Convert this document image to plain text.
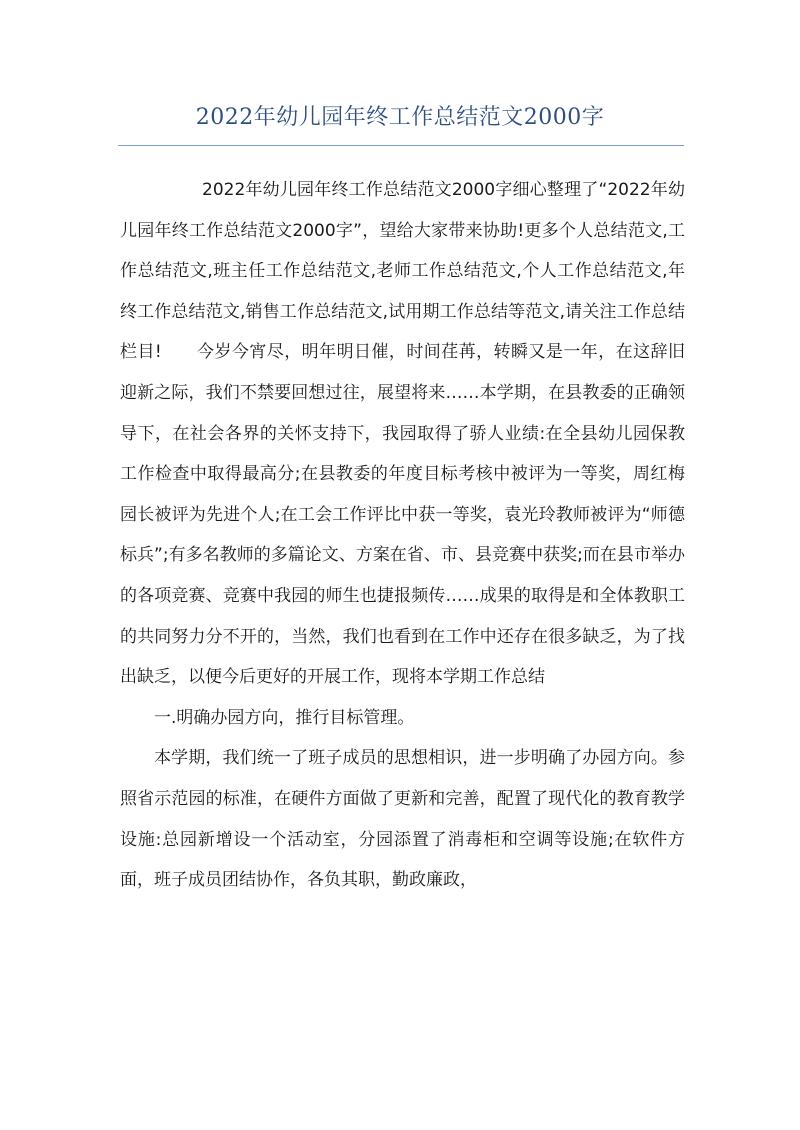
2022年幼儿园年终工作总结范文2000字

2022年幼儿园年终工作总结范文2000字细心整理了“2022年幼儿园年终工作总结范文2000字”，望给大家带来协助!更多个人总结范文,工作总结范文,班主任工作总结范文,老师工作总结范文,个人工作总结范文,年终工作总结范文,销售工作总结范文,试用期工作总结等范文,请关注工作总结栏目!　　今岁今宵尽，明年明日催，时间荏苒，转瞬又是一年，在这辞旧迎新之际，我们不禁要回想过往，展望将来……本学期，在县教委的正确领导下，在社会各界的关怀支持下，我园取得了骄人业绩:在全县幼儿园保教工作检查中取得最高分;在县教委的年度目标考核中被评为一等奖，周红梅园长被评为先进个人;在工会工作评比中获一等奖，袁光玲教师被评为“师德标兵”;有多名教师的多篇论文、方案在省、市、县竞赛中获奖;而在县市举办的各项竞赛、竞赛中我园的师生也捷报频传……成果的取得是和全体教职工的共同努力分不开的，当然，我们也看到在工作中还存在很多缺乏，为了找出缺乏，以便今后更好的开展工作，现将本学期工作总结

一.明确办园方向，推行目标管理。

本学期，我们统一了班子成员的思想相识，进一步明确了办园方向。参照省示范园的标准，在硬件方面做了更新和完善，配置了现代化的教育教学设施:总园新增设一个活动室，分园添置了消毒柜和空调等设施;在软件方面，班子成员团结协作，各负其职，勤政廉政，
